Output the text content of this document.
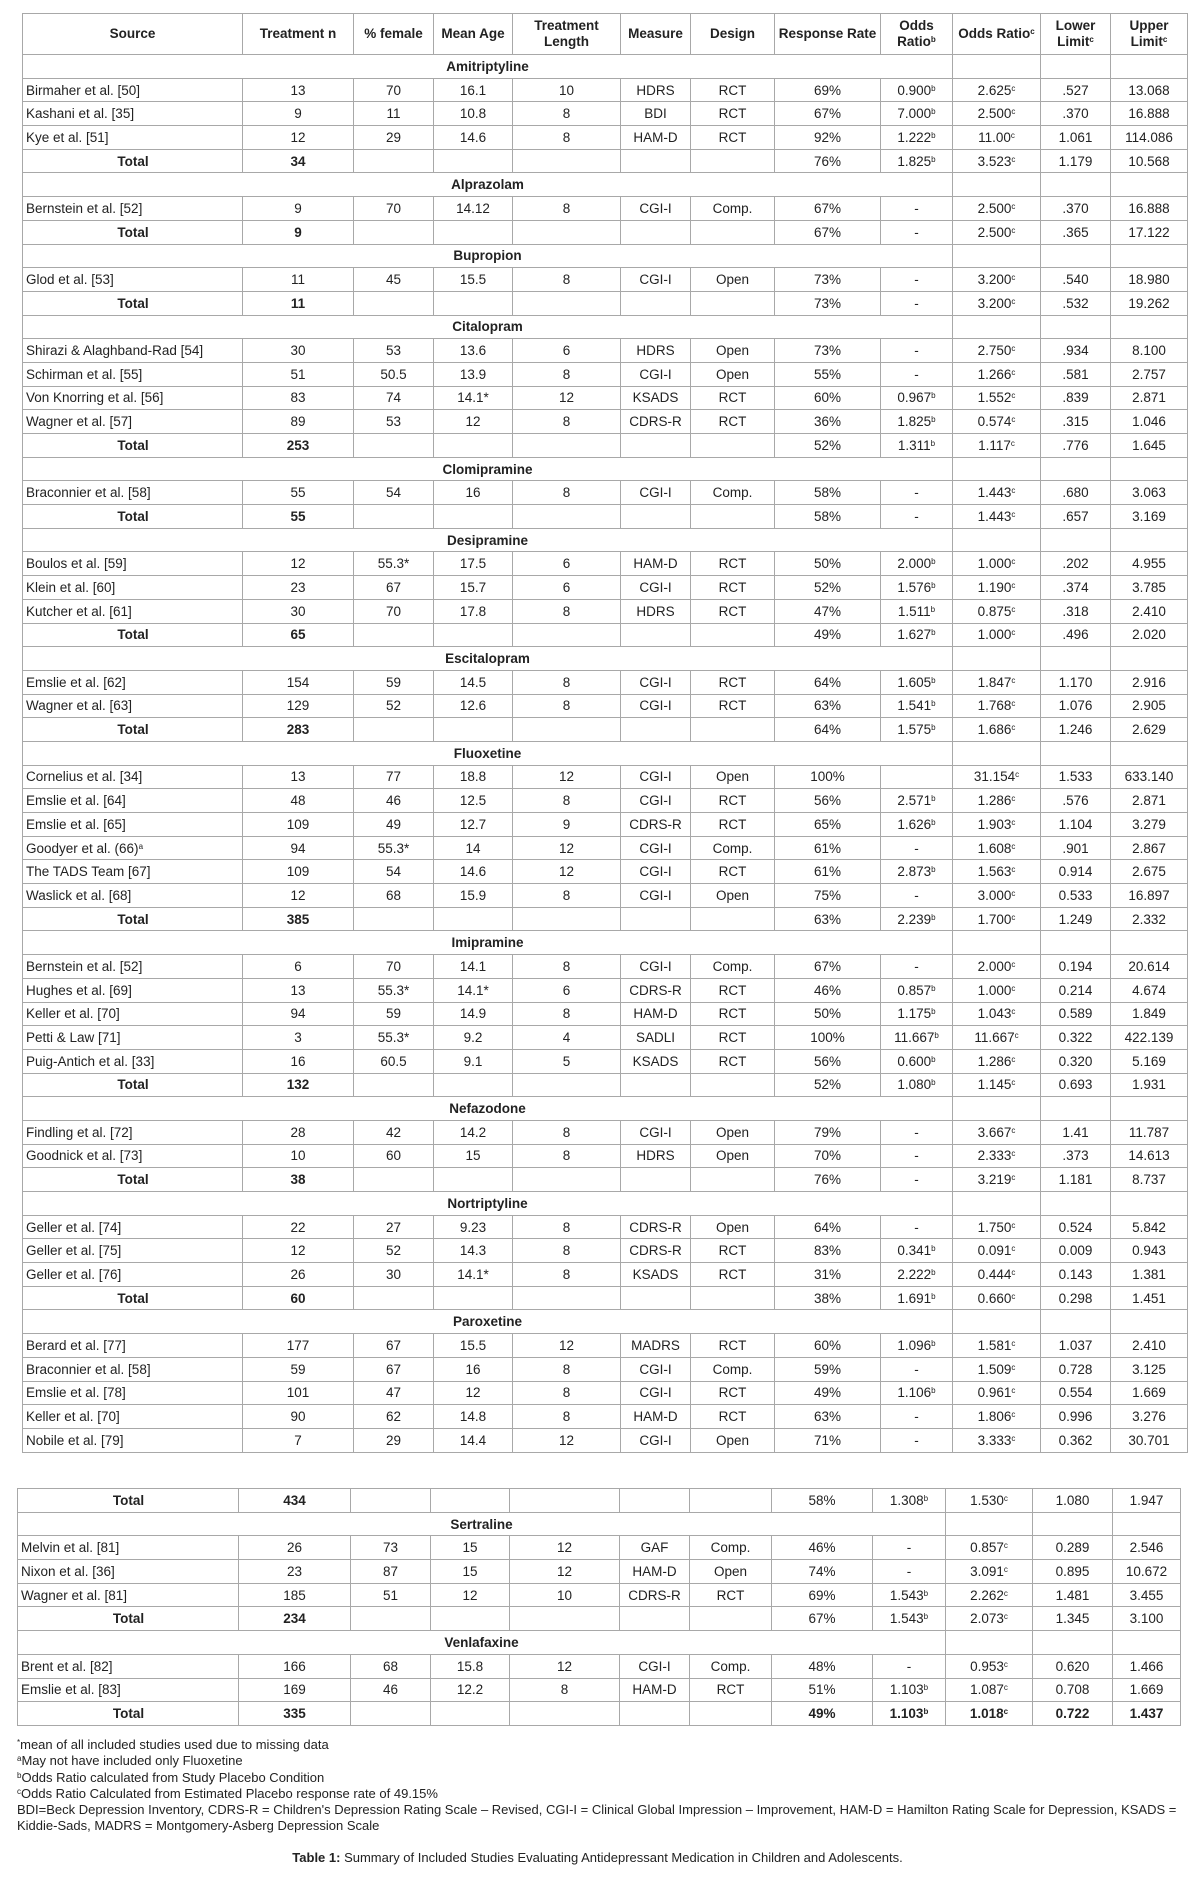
Source	Treatment n	% female	Mean Age	Treatment Length	Measure	Design	Response Rate	Odds Ratio$^b$	Odds Ratio$^c$	Lower Limit$^c$	Upper Limit$^c$
Amitriptyline											
Birmaher et al. [50]	13	70	16.1	10	HDRS	RCT	69%	0.900$^b$	2.625$^c$	.527	13.068
Kashani et al. [35]	9	11	10.8	8	BDI	RCT	67%	7.000$^b$	2.500$^c$	.370	16.888
Kye et al. [51]	12	29	14.6	8	HAM-D	RCT	92%	1.222$^b$	11.00$^c$	1.061	114.086
Total	34						76%	1.825$^b$	3.523$^c$	1.179	10.568
Alprazolam											
Bernstein et al. [52]	9	70	14.12	8	CGI-I	Comp.	67%	-	2.500$^c$	.370	16.888
Total	9						67%	-	2.500$^c$	.365	17.122
Bupropion											
Glod et al. [53]	11	45	15.5	8	CGI-I	Open	73%	-	3.200$^c$	.540	18.980
Total	11						73%	-	3.200$^c$	.532	19.262
Citalopram											
Shirazi & Alaghband-Rad [54]	30	53	13.6	6	HDRS	Open	73%	-	2.750$^c$	.934	8.100
Schirman et al. [55]	51	50.5	13.9	8	CGI-I	Open	55%	-	1.266$^c$	.581	2.757
Von Knorring et al. [56]	83	74	14.1*	12	KSADS	RCT	60%	0.967$^b$	1.552$^c$	.839	2.871
Wagner et al. [57]	89	53	12	8	CDRS-R	RCT	36%	1.825$^b$	0.574$^c$	.315	1.046
Total	253						52%	1.311$^b$	1.117$^c$	.776	1.645
Clomipramine											
Braconnier et al. [58]	55	54	16	8	CGI-I	Comp.	58%	-	1.443$^c$	.680	3.063
Total	55						58%	-	1.443$^c$	.657	3.169
Desipramine											
Boulos et al. [59]	12	55.3*	17.5	6	HAM-D	RCT	50%	2.000$^b$	1.000$^c$	.202	4.955
Klein et al. [60]	23	67	15.7	6	CGI-I	RCT	52%	1.576$^b$	1.190$^c$	.374	3.785
Kutcher et al. [61]	30	70	17.8	8	HDRS	RCT	47%	1.511$^b$	0.875$^c$	.318	2.410
Total	65						49%	1.627$^b$	1.000$^c$	.496	2.020
Escitalopram											
Emslie et al. [62]	154	59	14.5	8	CGI-I	RCT	64%	1.605$^b$	1.847$^c$	1.170	2.916
Wagner et al. [63]	129	52	12.6	8	CGI-I	RCT	63%	1.541$^b$	1.768$^c$	1.076	2.905
Total	283						64%	1.575$^b$	1.686$^c$	1.246	2.629
Fluoxetine											
Cornelius et al. [34]	13	77	18.8	12	CGI-I	Open	100%		31.154$^c$	1.533	633.140
Emslie et al. [64]	48	46	12.5	8	CGI-I	RCT	56%	2.571$^b$	1.286$^c$	.576	2.871
Emslie et al. [65]	109	49	12.7	9	CDRS-R	RCT	65%	1.626$^b$	1.903$^c$	1.104	3.279
Goodyer et al. $(66)^a$	94	55.3*	14	12	CGI-I	Comp.	61%	-	1.608$^c$	.901	2.867
The TADS Team [67]	109	54	14.6	12	CGI-I	RCT	61%	2.873$^b$	1.563$^c$	0.914	2.675
Waslick et al. [68]	12	68	15.9	8	CGI-I	Open	75%	-	3.000$^c$	0.533	16.897
Total	385						63%	2.239$^b$	1.700$^c$	1.249	2.332
Imipramine											
Bernstein et al. [52]	6	70	14.1	8	CGI-I	Comp.	67%	-	2.000$^c$	0.194	20.614
Hughes et al. [69]	13	55.3*	14.1*	6	CDRS-R	RCT	46%	0.857$^b$	1.000$^c$	0.214	4.674
Keller et al. [70]	94	59	14.9	8	HAM-D	RCT	50%	1.175$^b$	1.043$^c$	0.589	1.849
Petti & Law [71]	3	55.3*	9.2	4	SADLI	RCT	100%	11.667$^b$	11.667$^c$	0.322	422.139
Puig-Antich et al. [33]	16	60.5	9.1	5	KSADS	RCT	56%	0.600$^b$	1.286$^c$	0.320	5.169
Total	132						52%	1.080$^b$	1.145$^c$	0.693	1.931
Nefazodone											
Findling et al. [72]	28	42	14.2	8	CGI-I	Open	79%	-	3.667$^c$	1.41	11.787
Goodnick et al. [73]	10	60	15	8	HDRS	Open	70%	-	2.333$^c$	.373	14.613
Total	38						76%	-	3.219$^c$	1.181	8.737
Nortriptyline											
Geller et al. [74]	22	27	9.23	8	CDRS-R	Open	64%	-	1.750$^c$	0.524	5.842
Geller et al. [75]	12	52	14.3	8	CDRS-R	RCT	83%	0.341$^b$	0.091$^c$	0.009	0.943
Geller et al. [76]	26	30	14.1*	8	KSADS	RCT	31%	2.222$^b$	0.444$^c$	0.143	1.381
Total	60						38%	1.691$^b$	0.660$^c$	0.298	1.451
Paroxetine											
Berard et al. [77]	177	67	15.5	12	MADRS	RCT	60%	1.096$^b$	1.581$^c$	1.037	2.410
Braconnier et al. [58]	59	67	16	8	CGI-I	Comp.	59%	-	1.509$^c$	0.728	3.125
Emslie et al. [78]	101	47	12	8	CGI-I	RCT	49%	1.106$^b$	0.961$^c$	0.554	1.669
Keller et al. [70]	90	62	14.8	8	HAM-D	RCT	63%	-	1.806$^c$	0.996	3.276
Nobile et al. [79]	7	29	14.4	12	CGI-I	Open	71%	-	3.333$^c$	0.362	30.701
Total	434						58%	1.308$^b$	1.530$^c$	1.080	1.947
Sertraline											
Melvin et al. [81]	26	73	15	12	GAF	Comp.	46%	-	0.857$^c$	0.289	2.546
Nixon et al. [36]	23	87	15	12	HAM-D	Open	74%	-	3.091$^c$	0.895	10.672
Wagner et al. [81]	185	51	12	10	CDRS-R	RCT	69%	1.543$^b$	2.262$^c$	1.481	3.455
Total	234						67%	1.543$^b$	2.073$^c$	1.345	3.100
Venlafaxine											
Brent et al. [82]	166	68	15.8	12	CGI-I	Comp.	48%	-	0.953$^c$	0.620	1.466
Emslie et al. [83]	169	46	12.2	8	HAM-D	RCT	51%	1.103$^b$	1.087$^c$	0.708	1.669
Total	335						49%	1.103$^b$	1.018$^c$	0.722	1.437
*mean of all included studies used due to missing data
$^a$May not have included only Fluoxetine
$^b$Odds Ratio calculated from Study Placebo Condition
$^c$Odds Ratio Calculated from Estimated Placebo response rate of 49.15%
BDI=Beck Depression Inventory, CDRS-R = Children's Depression Rating Scale – Revised, CGI-I = Clinical Global Impression – Improvement, HAM-D = Hamilton Rating Scale for Depression, KSADS = Kiddie-Sads, MADRS = Montgomery-Asberg Depression Scale
Table 1: Summary of Included Studies Evaluating Antidepressant Medication in Children and Adolescents.
